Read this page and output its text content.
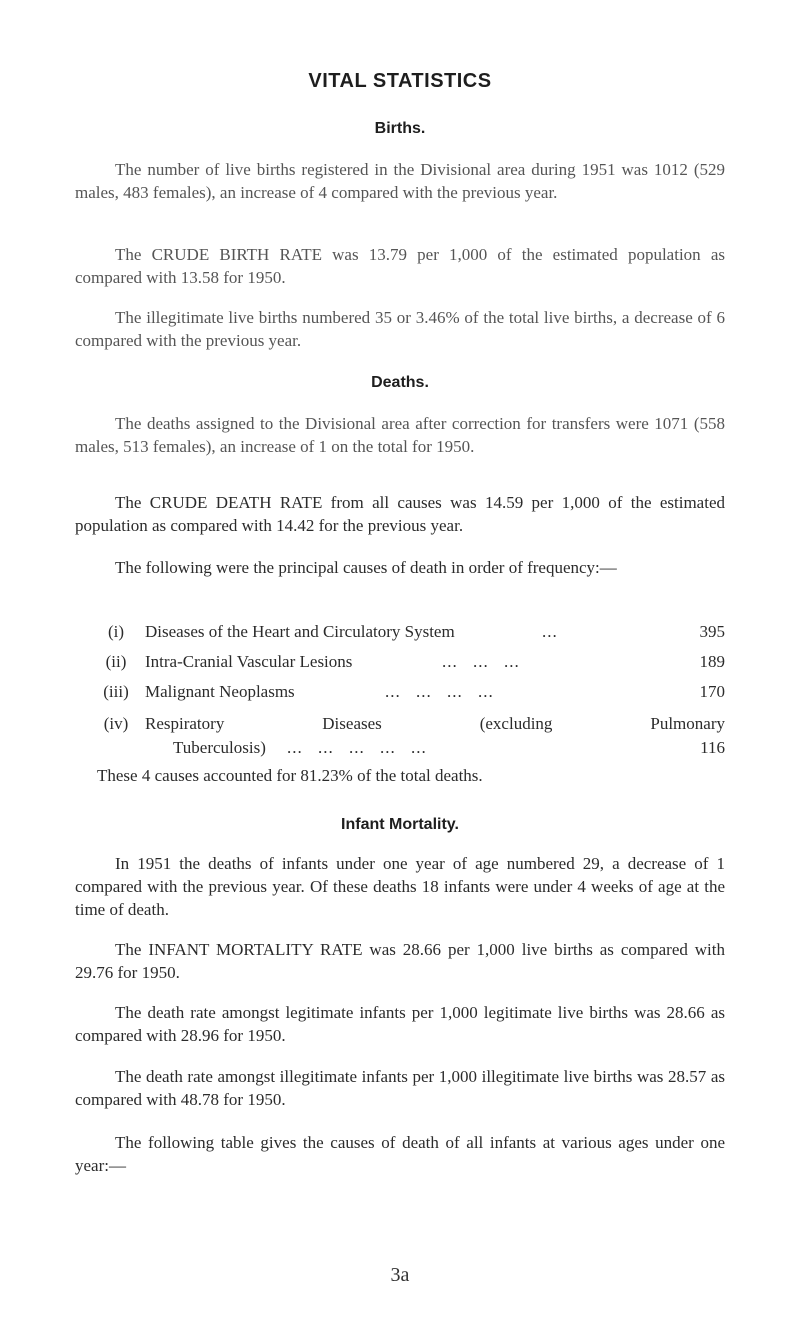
VITAL STATISTICS
Births.

The number of live births registered in the Divisional area during 1951 was 1012 (529 males, 483 females), an increase of 4 compared with the previous year.

The CRUDE BIRTH RATE was 13.79 per 1,000 of the estimated population as compared with 13.58 for 1950.

The illegitimate live births numbered 35 or 3.46% of the total live births, a decrease of 6 compared with the previous year.

Deaths.

The deaths assigned to the Divisional area after correction for transfers were 1071 (558 males, 513 females), an increase of 1 on the total for 1950.

The CRUDE DEATH RATE from all causes was 14.59 per 1,000 of the estimated population as compared with 14.42 for the previous year.

The following were the principal causes of death in order of frequency:—

(i)	Diseases of the Heart and Circulatory System	...	395
(ii)	Intra-Cranial Vascular Lesions	... ... ...	189
(iii) Malignant Neoplasms	... ... ... ...	170
(iv) Respiratory	Diseases	(excluding	Pulmonary
Tuberculosis) ... ... ... ... ...	116
These 4 causes accounted for 81.23% of the total deaths.
Infant Mortality.

In 1951 the deaths of infants under one year of age numbered 29, a decrease of 1 compared with the previous year. Of these deaths 18 infants were under 4 weeks of age at the time of death.

The INFANT MORTALITY RATE was 28.66 per 1,000 live births as compared with 29.76 for 1950.

The death rate amongst legitimate infants per 1,000 legitimate live births was 28.66 as compared with 28.96 for 1950.

The death rate amongst illegitimate infants per 1,000 illegitimate live births was 28.57 as compared with 48.78 for 1950.

The following table gives the causes of death of all infants at various ages under one year:—

3a
